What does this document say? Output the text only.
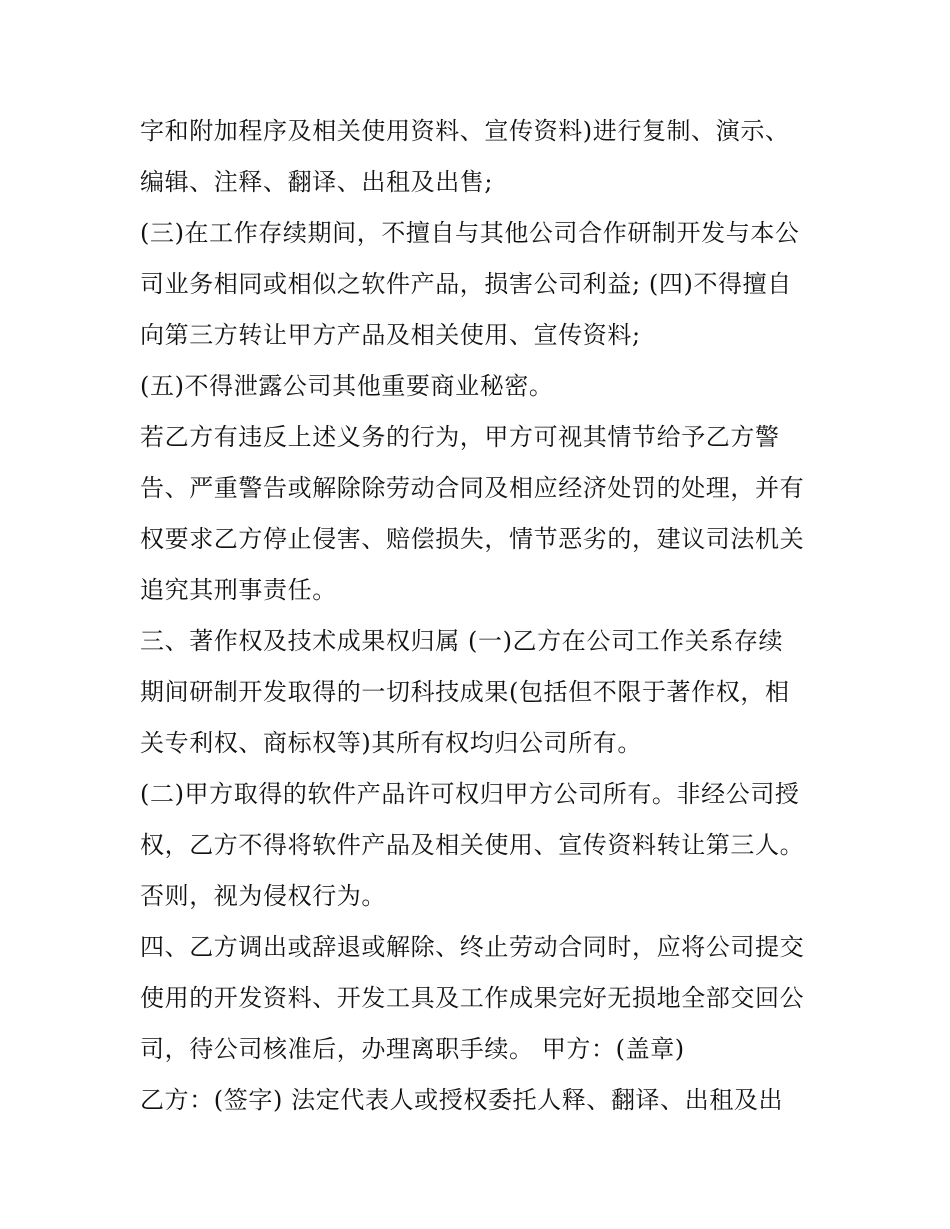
字和附加程序及相关使用资料、宣传资料)进行复制、演示、

编辑、注释、翻译、出租及出售;

(三)在工作存续期间，不擅自与其他公司合作研制开发与本公

司业务相同或相似之软件产品，损害公司利益; (四)不得擅自

向第三方转让甲方产品及相关使用、宣传资料;

(五)不得泄露公司其他重要商业秘密。

若乙方有违反上述义务的行为，甲方可视其情节给予乙方警

告、严重警告或解除除劳动合同及相应经济处罚的处理，并有

权要求乙方停止侵害、赔偿损失，情节恶劣的，建议司法机关

追究其刑事责任。

三、著作权及技术成果权归属 (一)乙方在公司工作关系存续

期间研制开发取得的一切科技成果(包括但不限于著作权，相

关专利权、商标权等)其所有权均归公司所有。

(二)甲方取得的软件产品许可权归甲方公司所有。非经公司授

权，乙方不得将软件产品及相关使用、宣传资料转让第三人。

否则，视为侵权行为。

四、乙方调出或辞退或解除、终止劳动合同时，应将公司提交

使用的开发资料、开发工具及工作成果完好无损地全部交回公

司，待公司核准后，办理离职手续。 甲方：(盖章)

乙方：(签字) 法定代表人或授权委托人释、翻译、出租及出
